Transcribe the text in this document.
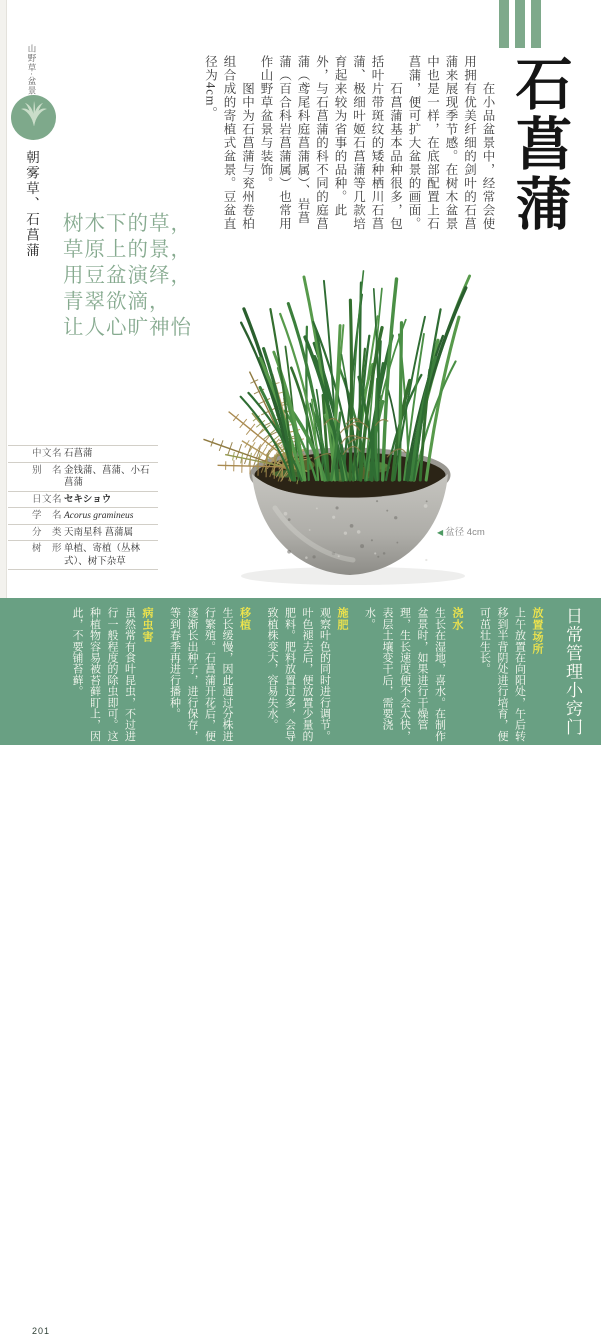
山野草·盆景
朝雾草、石菖蒲	石菖蒲

　　在小品盆景中，经常会使用拥有优美纤细的剑叶的石菖蒲来展现季节感。在树木盆景中也是一样，在底部配置上石菖蒲，便可扩大盆景的画面。

　　石菖蒲基本品种很多，包括叶片带斑纹的矮种栖川石菖蒲、极细叶姬石菖蒲等几款培育起来较为省事的品种。此外，与石菖蒲的科不同的庭菖蒲（鸢尾科庭菖蒲属）、岩菖蒲（百合科岩菖蒲属）也常用作山野草盆景与装饰。

　　图中为石菖蒲与兖州卷柏组合成的寄植式盆景。豆盆直径为4cm。

树木下的草，
草原上的景，
用豆盆演绎，
青翠欲滴，
让人心旷神怡
◀ 盆径 4cm
中文名 石菖蒲
别　名 金钱蒲、菖蒲、小石菖蒲
日文名 セキショウ
学　名 Acorus gramineus
分　类 天南星科 菖蒲属
树　形 单植、寄植（丛林式）、树下杂草
日常管理小窍门
放置场所
上午放置在向阳处，午后转移到半背阴处进行培育，便可茁壮生长。
浇水
生长在湿地，喜水。在制作盆景时，如果进行干燥管理，生长速度便不会太快，表层土壤变干后，需要浇水。
施肥
观察叶色的同时进行调节。叶色褪去后，便放置少量的肥料。肥料放置过多，会导致植株变大，容易失水。
移植
生长缓慢，因此通过分株进行繁殖。石菖蒲开花后，便逐渐长出种子，进行保存，等到春季再进行播种。
病虫害
虽然常有食叶昆虫，不过进行一般程度的除虫即可。这种植物容易被苔藓盯上，因此，不要铺苔藓。
201
